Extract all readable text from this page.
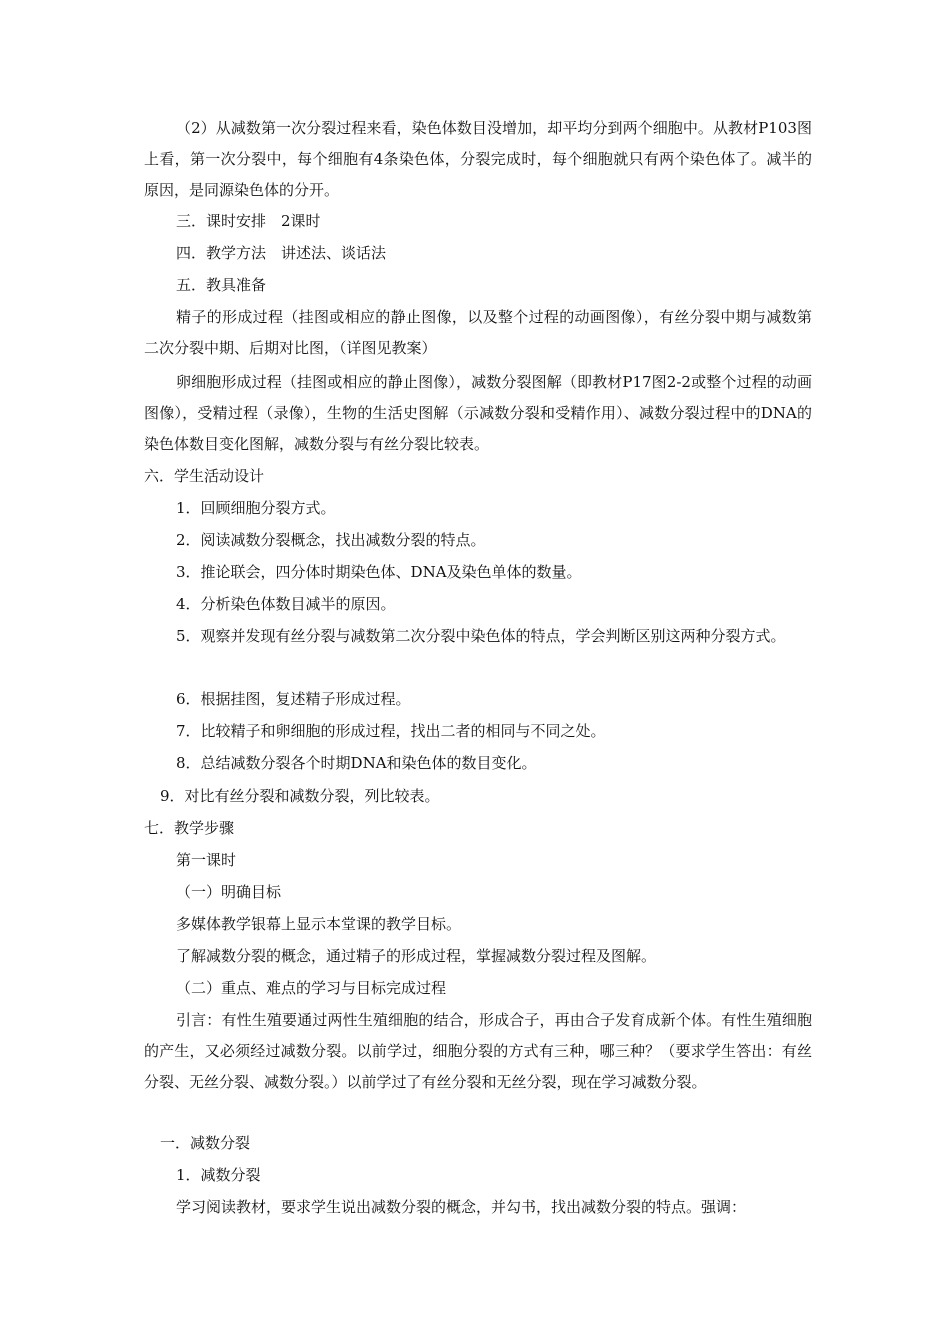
（2）从减数第一次分裂过程来看，染色体数目没增加，却平均分到两个细胞中。从教材P103图上看，第一次分裂中，每个细胞有4条染色体，分裂完成时，每个细胞就只有两个染色体了。减半的原因，是同源染色体的分开。

三．课时安排　2课时

四．教学方法　讲述法、谈话法

五．教具准备

精子的形成过程（挂图或相应的静止图像，以及整个过程的动画图像），有丝分裂中期与减数第二次分裂中期、后期对比图，（详图见教案）

卵细胞形成过程（挂图或相应的静止图像），减数分裂图解（即教材P17图2-2或整个过程的动画图像），受精过程（录像），生物的生活史图解（示减数分裂和受精作用）、减数分裂过程中的DNA的染色体数目变化图解，减数分裂与有丝分裂比较表。

六．学生活动设计

1．回顾细胞分裂方式。

2．阅读减数分裂概念，找出减数分裂的特点。

3．推论联会，四分体时期染色体、DNA及染色单体的数量。

4．分析染色体数目减半的原因。

5．观察并发现有丝分裂与减数第二次分裂中染色体的特点，学会判断区别这两种分裂方式。

6．根据挂图，复述精子形成过程。

7．比较精子和卵细胞的形成过程，找出二者的相同与不同之处。

8．总结减数分裂各个时期DNA和染色体的数目变化。

9．对比有丝分裂和减数分裂，列比较表。

七．教学步骤

第一课时

（一）明确目标

多媒体教学银幕上显示本堂课的教学目标。

了解减数分裂的概念，通过精子的形成过程，掌握减数分裂过程及图解。

（二）重点、难点的学习与目标完成过程

引言：有性生殖要通过两性生殖细胞的结合，形成合子，再由合子发育成新个体。有性生殖细胞的产生，又必须经过减数分裂。以前学过，细胞分裂的方式有三种，哪三种？（要求学生答出：有丝分裂、无丝分裂、减数分裂。）以前学过了有丝分裂和无丝分裂，现在学习减数分裂。

一．减数分裂

1．减数分裂

学习阅读教材，要求学生说出减数分裂的概念，并勾书，找出减数分裂的特点。强调：
